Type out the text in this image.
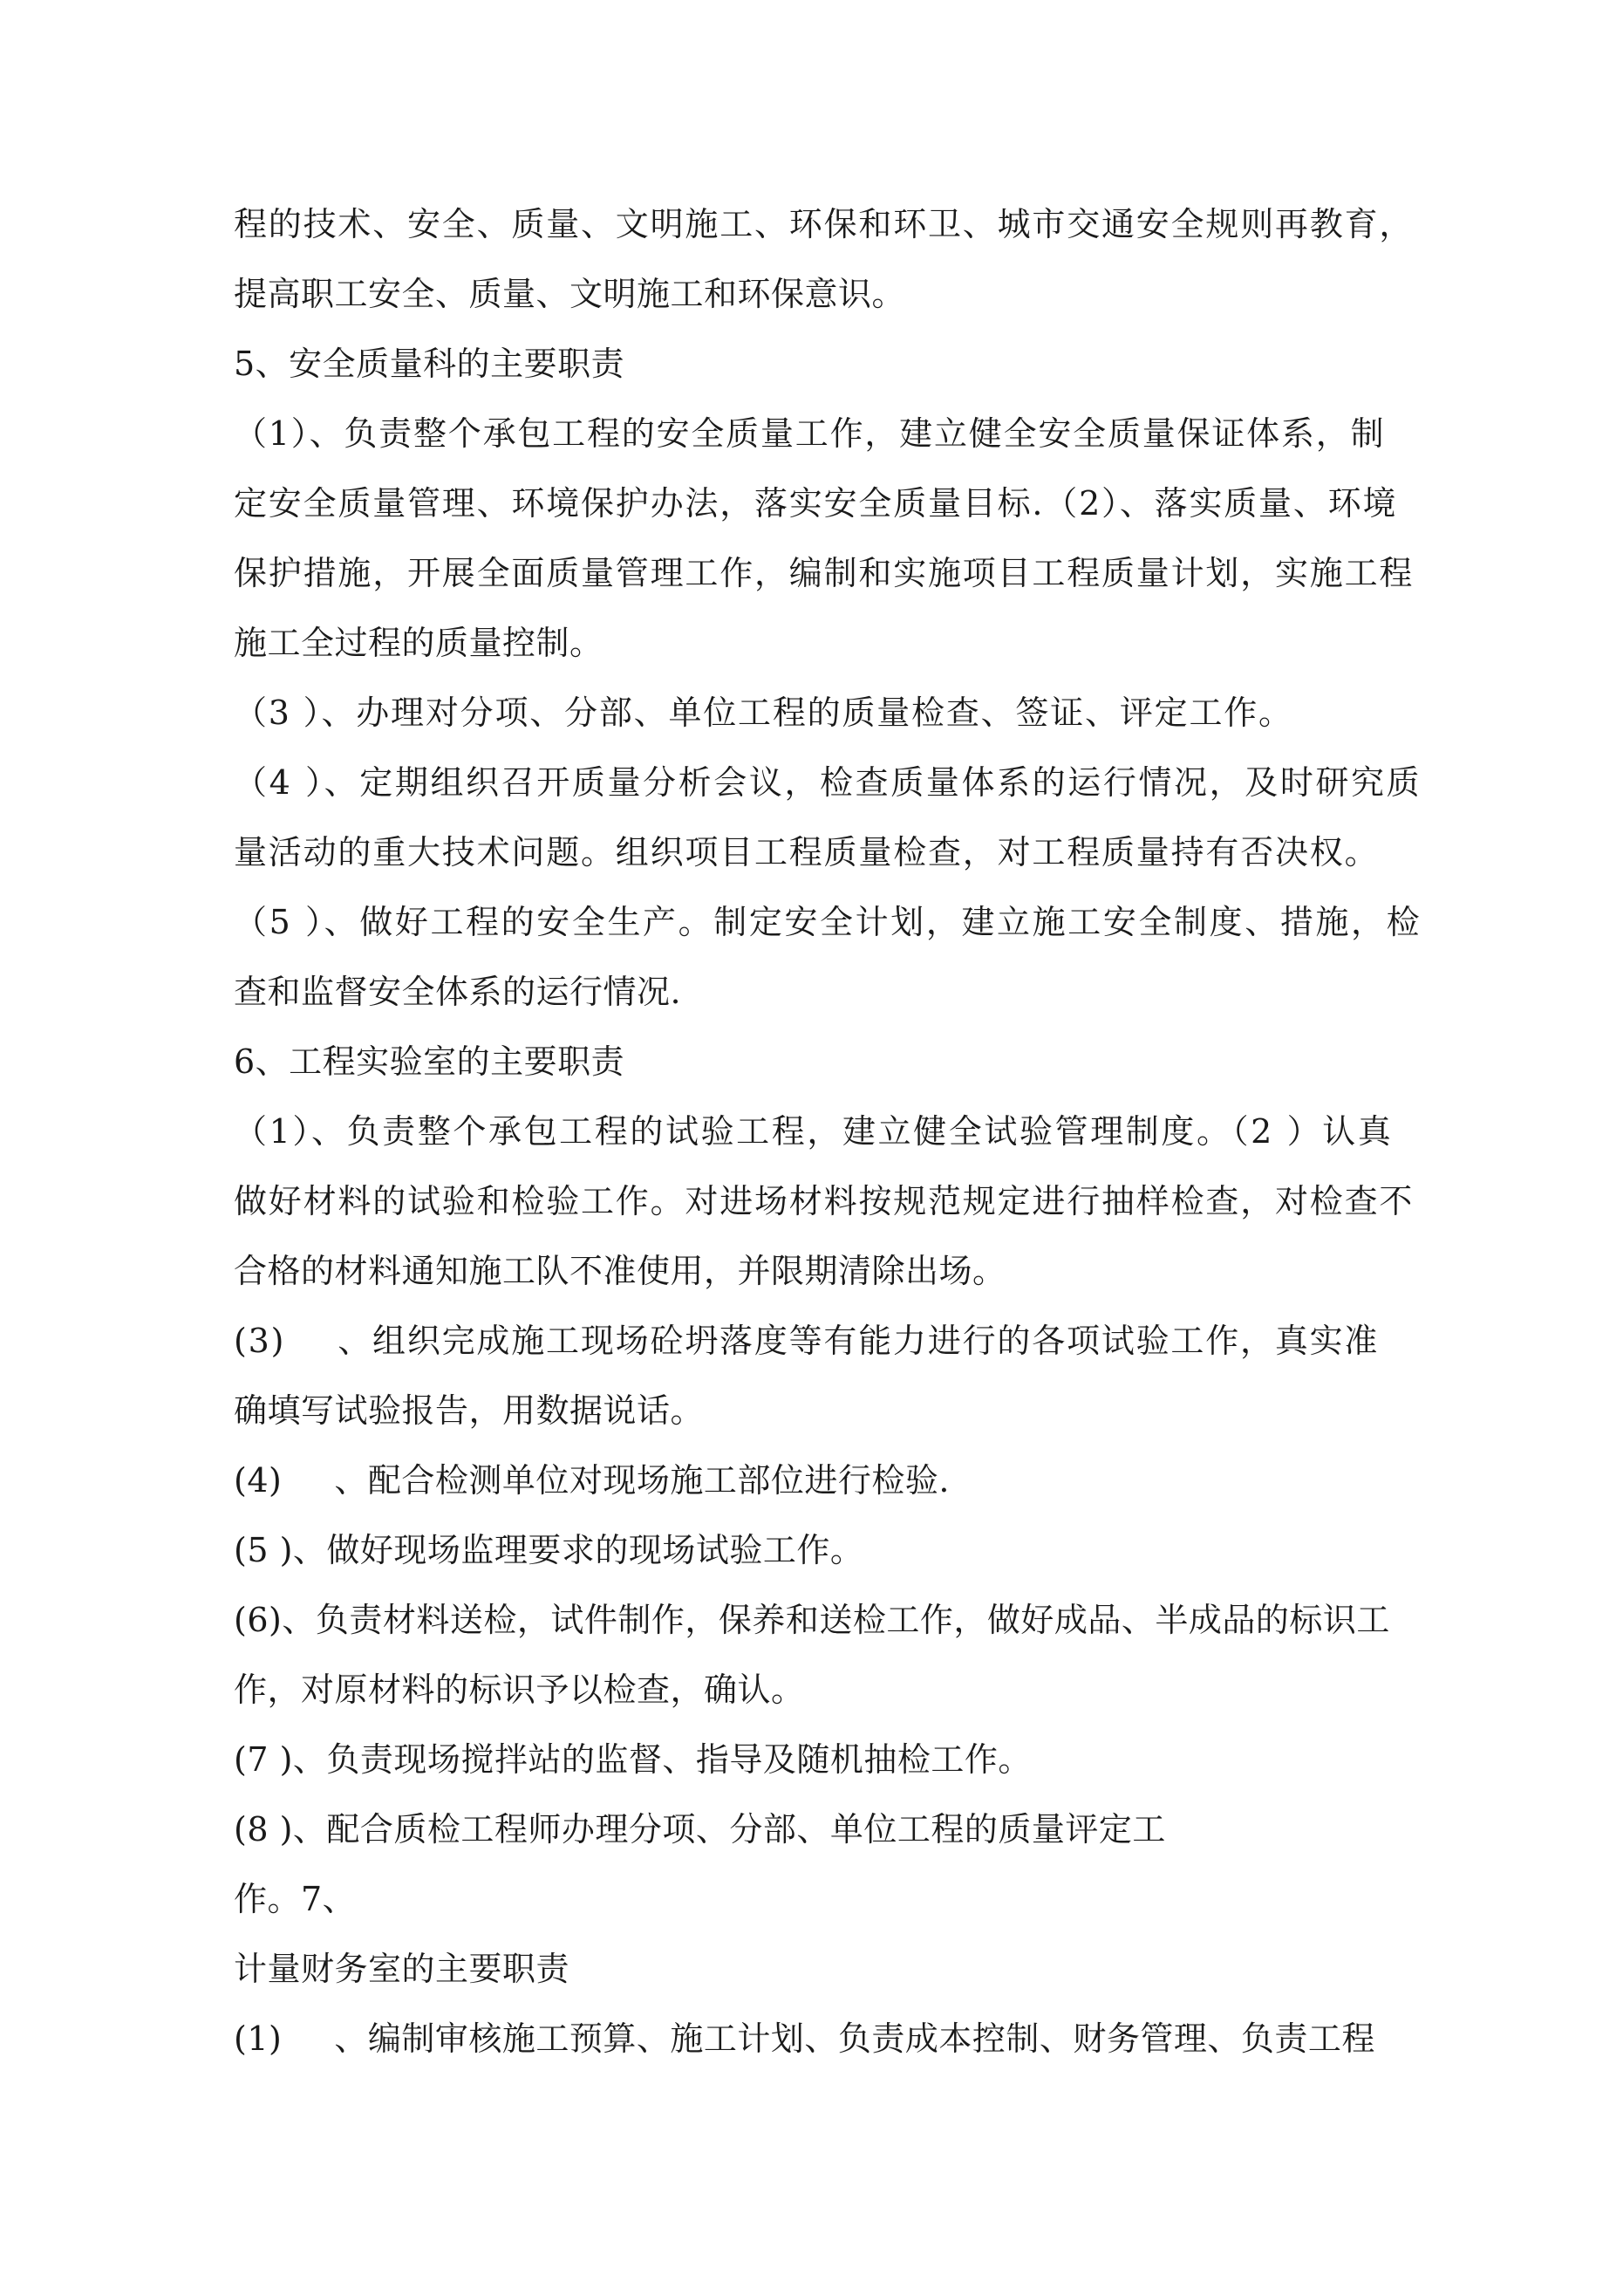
程的技术、安全、质量、文明施工、环保和环卫、城市交通安全规则再教育，

提高职工安全、质量、文明施工和环保意识。

5、安全质量科的主要职责

（1）、负责整个承包工程的安全质量工作，建立健全安全质量保证体系，制

定安全质量管理、环境保护办法，落实安全质量目标.（2）、落实质量、环境

保护措施，开展全面质量管理工作，编制和实施项目工程质量计划，实施工程

施工全过程的质量控制。

（3 ）、办理对分项、分部、单位工程的质量检查、签证、评定工作。

（4 ）、定期组织召开质量分析会议，检查质量体系的运行情况，及时研究质

量活动的重大技术问题。组织项目工程质量检查，对工程质量持有否决权。

（5 ）、做好工程的安全生产。制定安全计划，建立施工安全制度、措施，检

查和监督安全体系的运行情况.

6、工程实验室的主要职责

（1）、负责整个承包工程的试验工程，建立健全试验管理制度。（2 ）认真

做好材料的试验和检验工作。对进场材料按规范规定进行抽样检查，对检查不

合格的材料通知施工队不准使用，并限期清除出场。

(3) 、组织完成施工现场砼坍落度等有能力进行的各项试验工作，真实准

确填写试验报告，用数据说话。

(4) 、配合检测单位对现场施工部位进行检验.

(5 )、做好现场监理要求的现场试验工作。

(6)、负责材料送检，试件制作，保养和送检工作，做好成品、半成品的标识工

作，对原材料的标识予以检查，确认。

(7 )、负责现场搅拌站的监督、指导及随机抽检工作。

(8 )、配合质检工程师办理分项、分部、单位工程的质量评定工

作。7、

计量财务室的主要职责

(1) 、编制审核施工预算、施工计划、负责成本控制、财务管理、负责工程
